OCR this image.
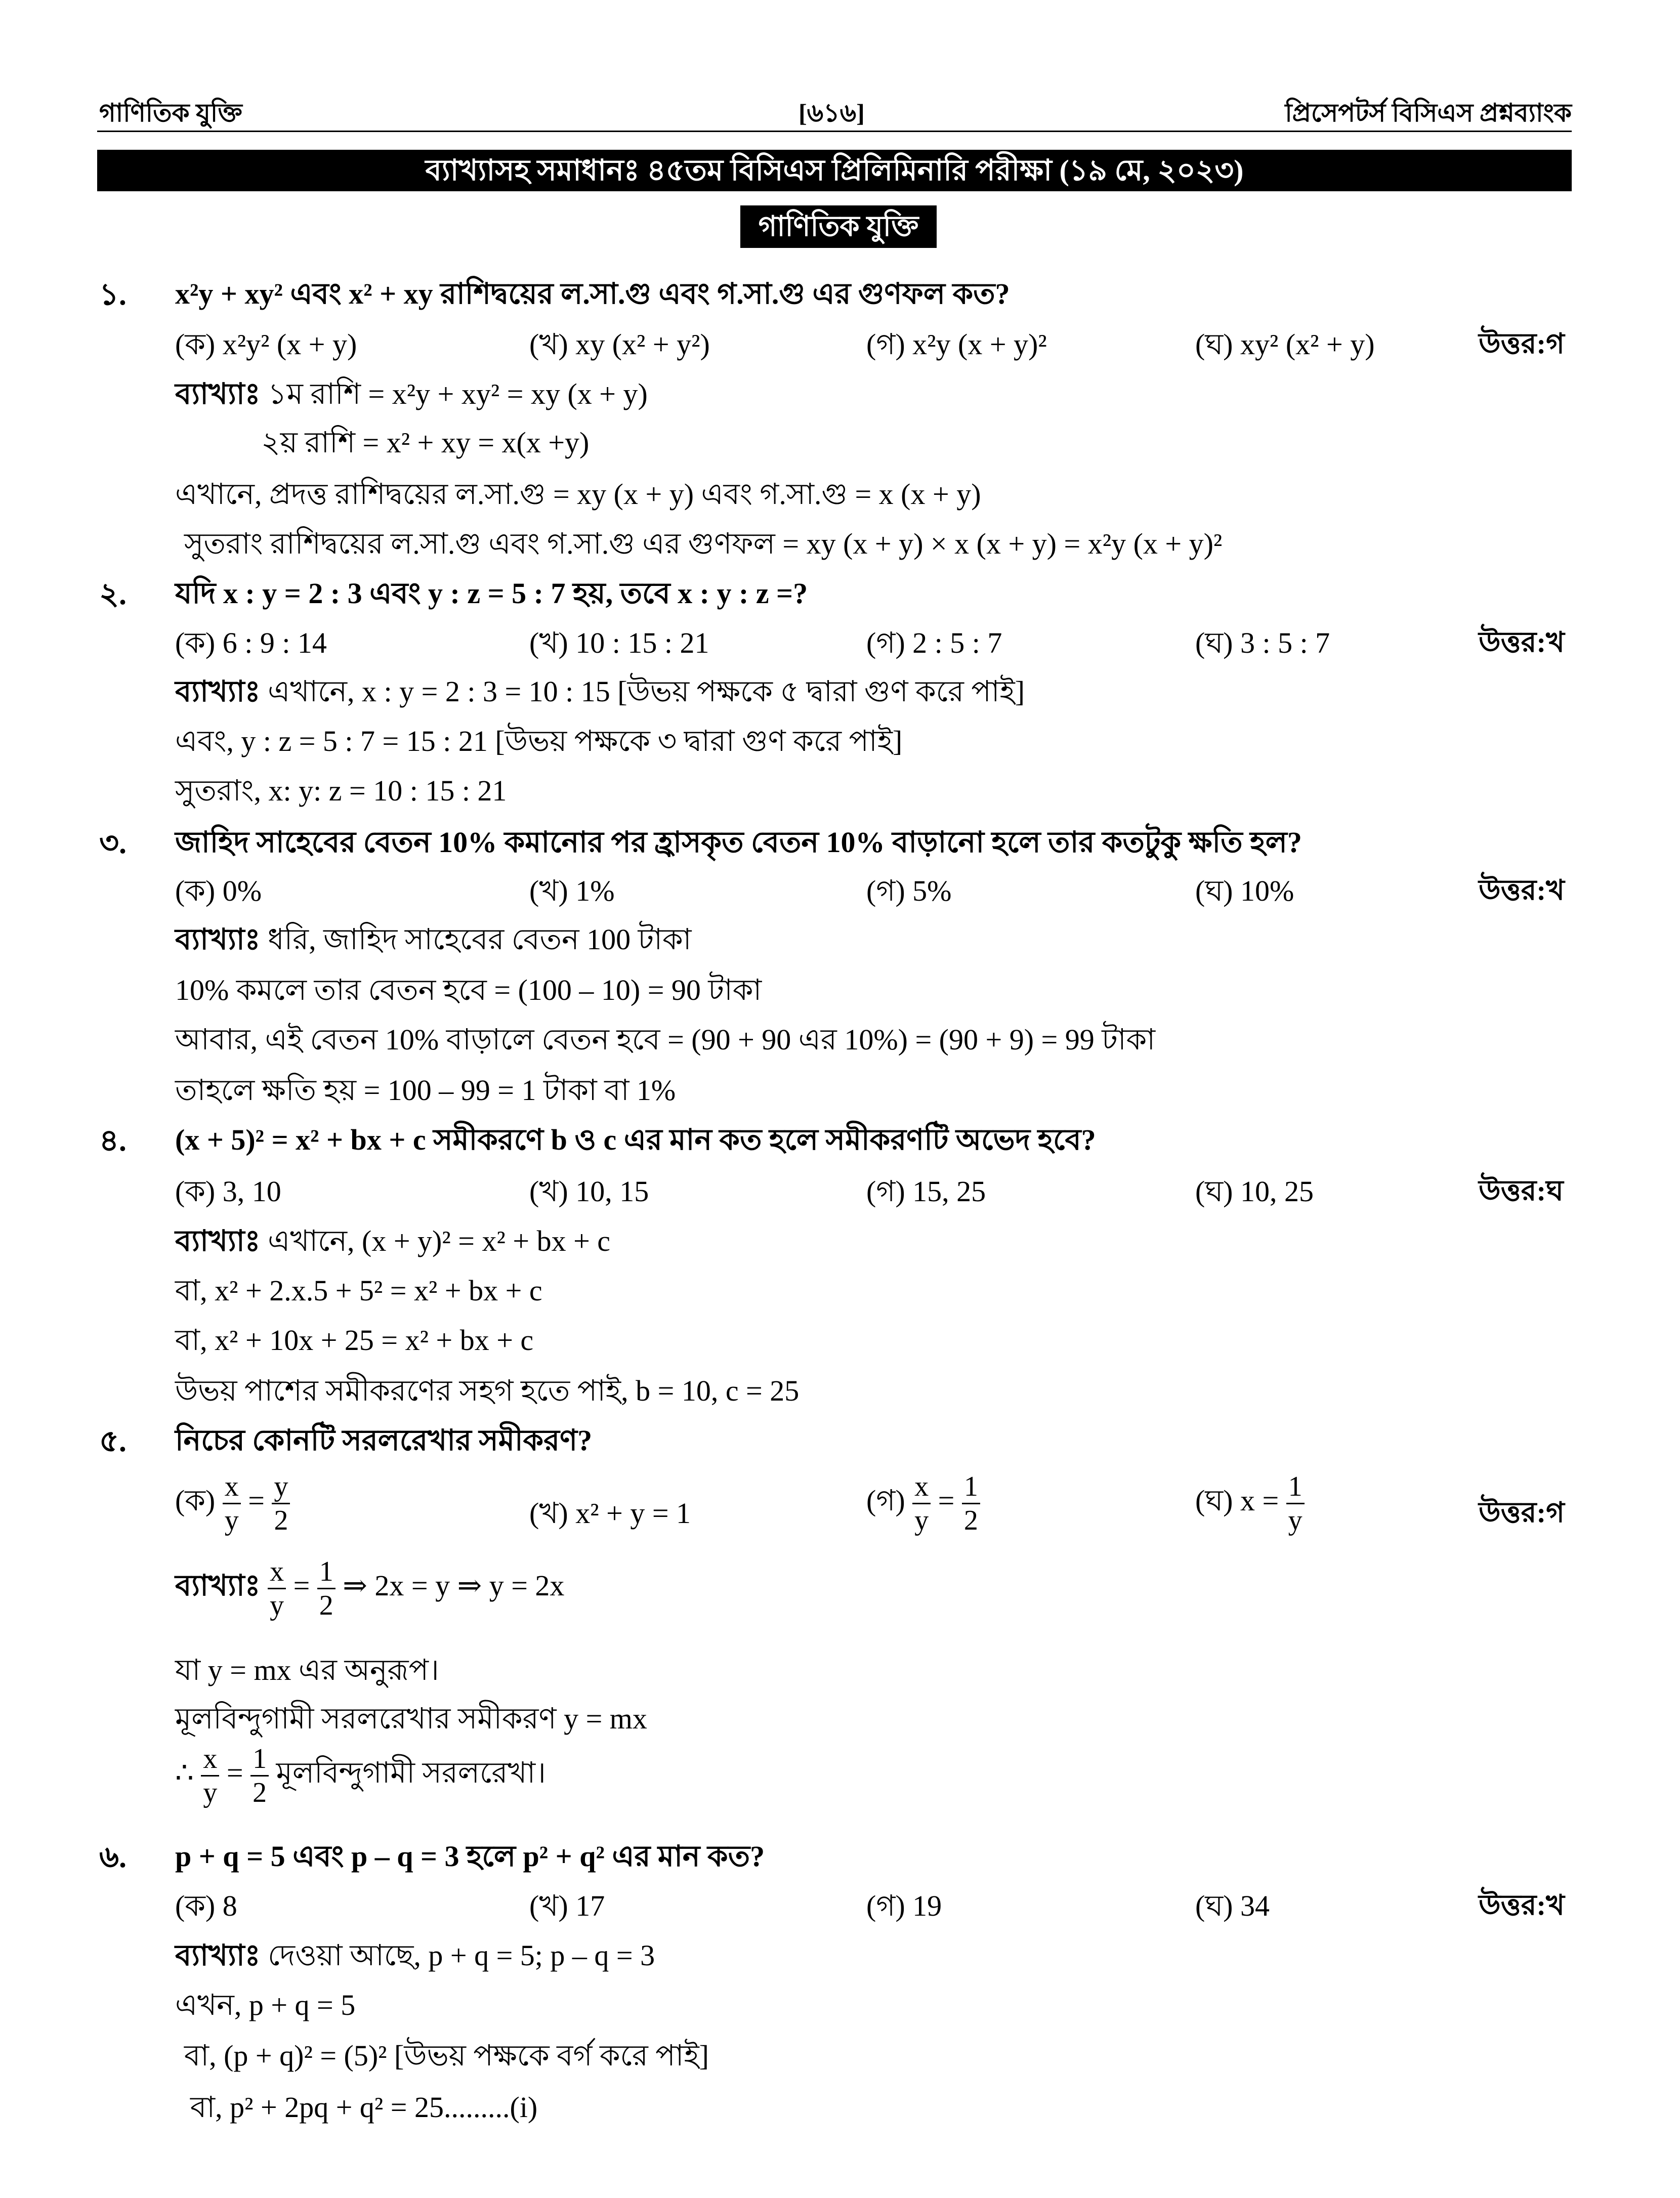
গাণিতিক যুক্তি	[৬১৬]	প্রিসেপটর্স বিসিএস প্রশ্নব্যাংক
ব্যাখ্যাসহ সমাধানঃ ৪৫তম বিসিএস প্রিলিমিনারি পরীক্ষা (১৯ মে, ২০২৩)
গাণিতিক যুক্তি
১. x²y + xy² এবং x² + xy রাশিদ্বয়ের ল.সা.গু এবং গ.সা.গু এর গুণফল কত?
(ক) x²y² (x + y)	(খ) xy (x² + y²)	(গ) x²y (x + y)²	(ঘ) xy² (x² + y)	উত্তর:গ
ব্যাখ্যাঃ ১ম রাশি = x²y + xy² = xy (x + y)
২য় রাশি = x² + xy = x(x +y)
এখানে, প্রদত্ত রাশিদ্বয়ের ল.সা.গু = xy (x + y) এবং গ.সা.গু = x (x + y)
সুতরাং রাশিদ্বয়ের ল.সা.গু এবং গ.সা.গু এর গুণফল = xy (x + y) × x (x + y) = x²y (x + y)²
২. যদি x : y = 2 : 3 এবং y : z = 5 : 7 হয়, তবে x : y : z =?
(ক) 6 : 9 : 14	(খ) 10 : 15 : 21	(গ) 2 : 5 : 7	(ঘ) 3 : 5 : 7	উত্তর:খ
ব্যাখ্যাঃ এখানে, x : y = 2 : 3 = 10 : 15 [উভয় পক্ষকে ৫ দ্বারা গুণ করে পাই]
এবং, y : z = 5 : 7 = 15 : 21 [উভয় পক্ষকে ৩ দ্বারা গুণ করে পাই]
সুতরাং, x: y: z = 10 : 15 : 21
৩. জাহিদ সাহেবের বেতন 10% কমানোর পর হ্রাসকৃত বেতন 10% বাড়ানো হলে তার কতটুকু ক্ষতি হল?
(ক) 0%	(খ) 1%	(গ) 5%	(ঘ) 10%	উত্তর:খ
ব্যাখ্যাঃ ধরি, জাহিদ সাহেবের বেতন 100 টাকা
10% কমলে তার বেতন হবে = (100 – 10) = 90 টাকা
আবার, এই বেতন 10% বাড়ালে বেতন হবে = (90 + 90 এর 10%) = (90 + 9) = 99 টাকা
তাহলে ক্ষতি হয় = 100 – 99 = 1 টাকা বা 1%
৪. (x + 5)² = x² + bx + c সমীকরণে b ও c এর মান কত হলে সমীকরণটি অভেদ হবে?
(ক) 3, 10	(খ) 10, 15	(গ) 15, 25	(ঘ) 10, 25	উত্তর:ঘ
ব্যাখ্যাঃ এখানে, (x + y)² = x² + bx + c
বা, x² + 2.x.5 + 5² = x² + bx + c
বা, x² + 10x + 25 = x² + bx + c
উভয় পাশের সমীকরণের সহগ হতে পাই, b = 10, c = 25
৫. নিচের কোনটি সরলরেখার সমীকরণ?
(ক) $\frac{x}{y} = \frac{y}{2}$	(খ) x² + y = 1	(গ) $\frac{x}{y} = \frac{1}{2}$	(ঘ) $x = \frac{1}{y}$	উত্তর:গ
ব্যাখ্যাঃ $\frac{x}{y} = \frac{1}{2}$ ⇒ 2x = y ⇒ y = 2x
যা y = mx এর অনুরূপ।
মূলবিন্দুগামী সরলরেখার সমীকরণ y = mx
∴ $\frac{x}{y} = \frac{1}{2}$ মূলবিন্দুগামী সরলরেখা।
৬. p + q = 5 এবং p – q = 3 হলে p² + q² এর মান কত?
(ক) 8	(খ) 17	(গ) 19	(ঘ) 34	উত্তর:খ
ব্যাখ্যাঃ দেওয়া আছে, p + q = 5; p – q = 3
এখন, p + q = 5
বা, (p + q)² = (5)² [উভয় পক্ষকে বর্গ করে পাই]
বা, p² + 2pq + q² = 25.........(i)
